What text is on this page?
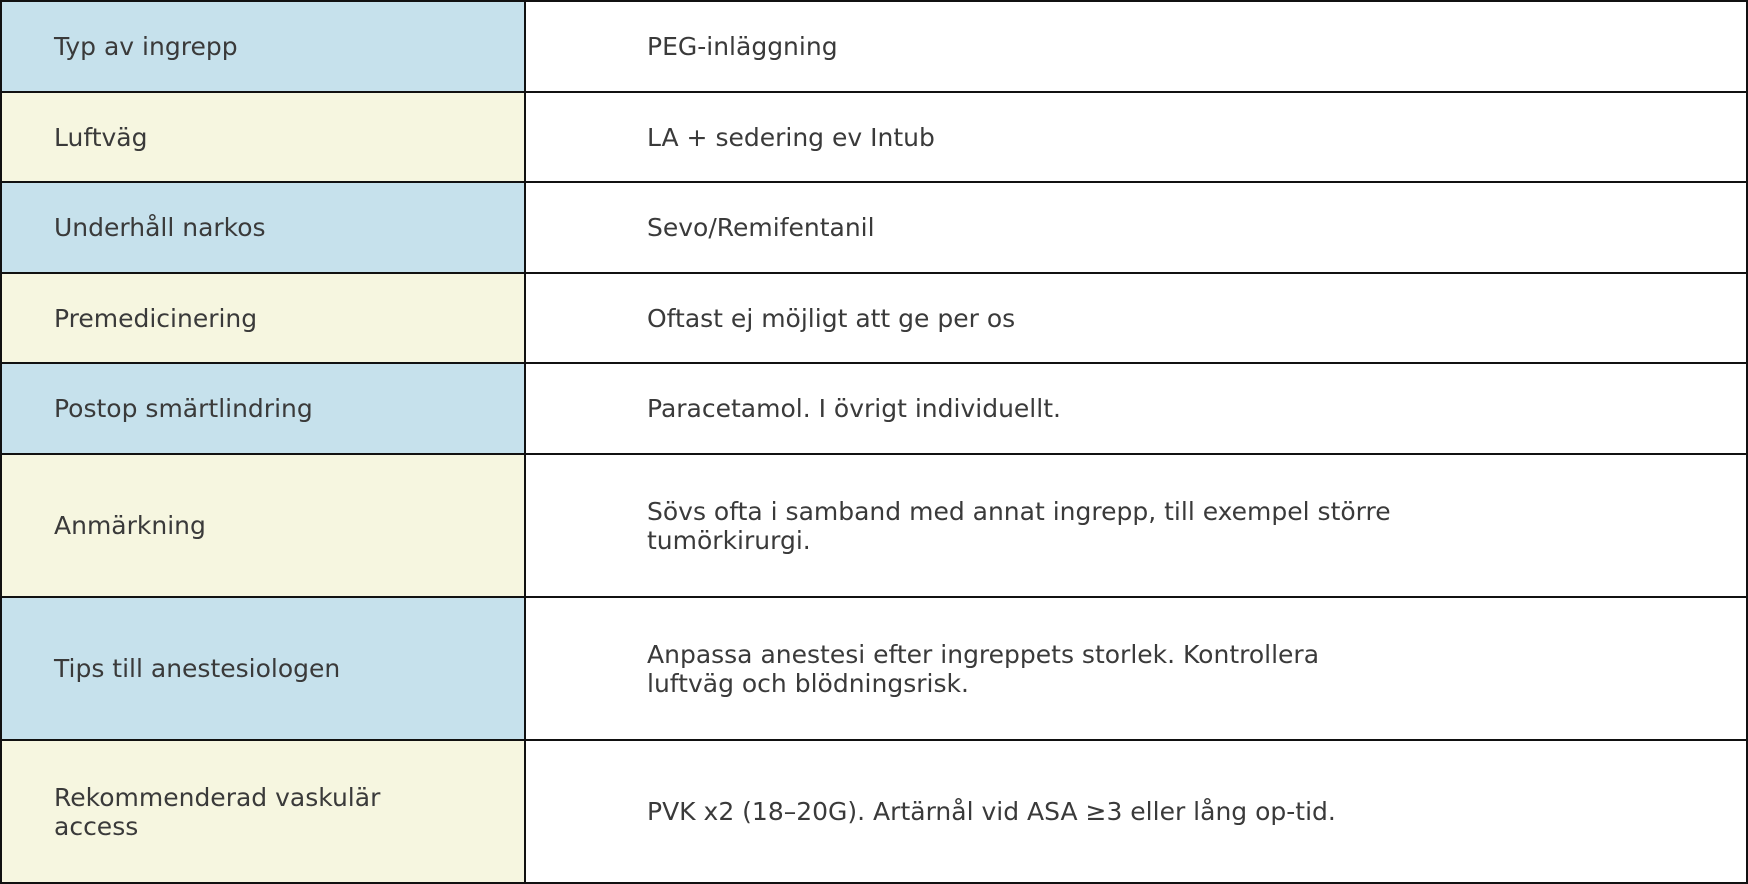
Typ av ingrepp	PEG-inläggning
Luftväg	LA + sedering ev Intub
Underhåll narkos	Sevo/Remifentanil
Premedicinering	Oftast ej möjligt att ge per os
Postop smärtlindring	Paracetamol. I övrigt individuellt.
Anmärkning	Sövs ofta i samband med annat ingrepp, till exempel större tumörkirurgi.
Tips till anestesiologen	Anpassa anestesi efter ingreppets storlek. Kontrollera luftväg och blödningsrisk.
Rekommenderad vaskulär access	PVK x2 (18–20G). Artärnål vid ASA ≥3 eller lång op-tid.
